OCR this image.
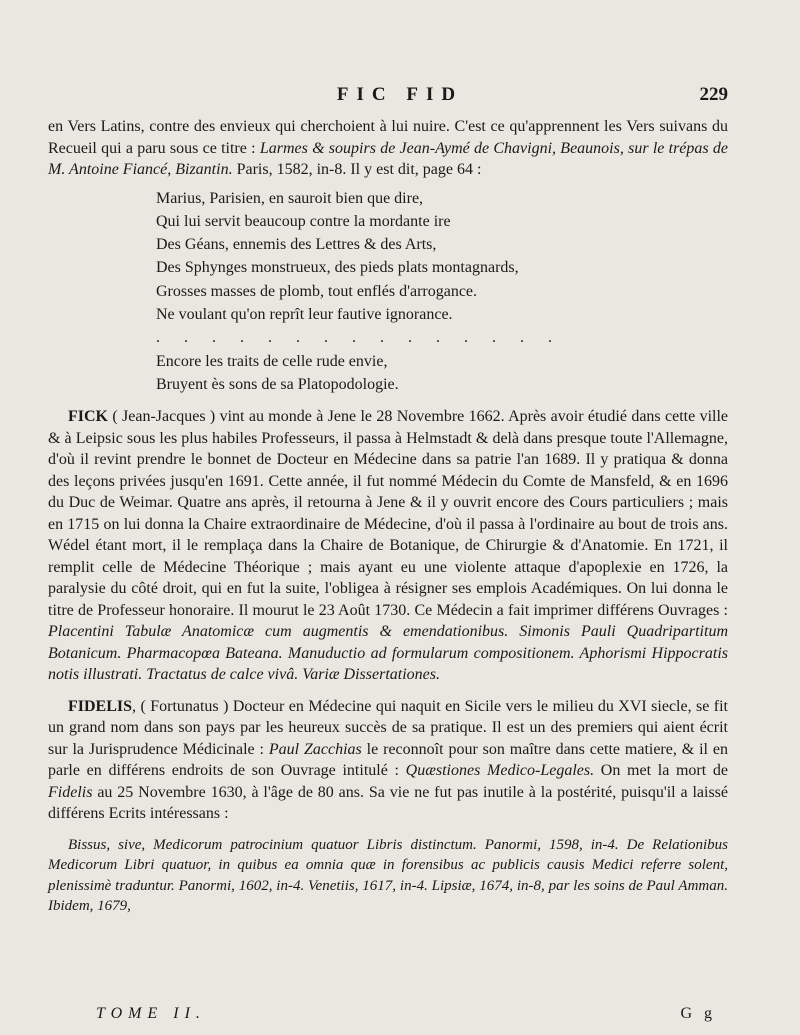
FIC FID	229

en Vers Latins, contre des envieux qui cherchoient à lui nuire. C'est ce qu'apprennent les Vers suivans du Recueil qui a paru sous ce titre : Larmes & soupirs de Jean-Aymé de Chavigni, Beaunois, sur le trépas de M. Antoine Fiancé, Bizantin. Paris, 1582, in-8. Il y est dit, page 64 :

Marius, Parisien, en sauroit bien que dire,
Qui lui servit beaucoup contre la mordante ire
Des Géans, ennemis des Lettres & des Arts,
Des Sphynges monstrueux, des pieds plats montagnards,
Grosses masses de plomb, tout enflés d'arrogance.
Ne voulant qu'on reprît leur fautive ignorance.
. . . . . . . . . . . . . . .
Encore les traits de celle rude envie,
Bruyent ès sons de sa Platopodologie.

FICK ( Jean-Jacques ) vint au monde à Jene le 28 Novembre 1662. Après avoir étudié dans cette ville & à Leipsic sous les plus habiles Professeurs, il passa à Helmstadt & delà dans presque toute l'Allemagne, d'où il revint prendre le bonnet de Docteur en Médecine dans sa patrie l'an 1689. Il y pratiqua & donna des leçons privées jusqu'en 1691. Cette année, il fut nommé Médecin du Comte de Mansfeld, & en 1696 du Duc de Weimar. Quatre ans après, il retourna à Jene & il y ouvrit encore des Cours particuliers ; mais en 1715 on lui donna la Chaire extraordinaire de Médecine, d'où il passa à l'ordinaire au bout de trois ans. Wédel étant mort, il le remplaça dans la Chaire de Botanique, de Chirurgie & d'Anatomie. En 1721, il remplit celle de Médecine Théorique ; mais ayant eu une violente attaque d'apoplexie en 1726, la paralysie du côté droit, qui en fut la suite, l'obligea à résigner ses emplois Académiques. On lui donna le titre de Professeur honoraire. Il mourut le 23 Août 1730. Ce Médecin a fait imprimer différens Ouvrages : Placentini Tabulæ Anatomicæ cum augmentis & emendationibus. Simonis Pauli Quadripartitum Botanicum. Pharmacopœa Bateana. Manuductio ad formularum compositionem. Aphorismi Hippocratis notis illustrati. Tractatus de calce vivâ. Variæ Dissertationes.

FIDELIS, ( Fortunatus ) Docteur en Médecine qui naquit en Sicile vers le milieu du XVI siecle, se fit un grand nom dans son pays par les heureux succès de sa pratique. Il est un des premiers qui aient écrit sur la Jurisprudence Médicinale : Paul Zacchias le reconnoît pour son maître dans cette matiere, & il en parle en différens endroits de son Ouvrage intitulé : Quæstiones Medico-Legales. On met la mort de Fidelis au 25 Novembre 1630, à l'âge de 80 ans. Sa vie ne fut pas inutile à la postérité, puisqu'il a laissé différens Ecrits intéressans :

Bissus, sive, Medicorum patrocinium quatuor Libris distinctum. Panormi, 1598, in-4. De Relationibus Medicorum Libri quatuor, in quibus ea omnia quæ in forensibus ac publicis causis Medici referre solent, plenissimè traduntur. Panormi, 1602, in-4. Venetiis, 1617, in-4. Lipsiæ, 1674, in-8, par les soins de Paul Amman. Ibidem, 1679,

TOME II.	G g
